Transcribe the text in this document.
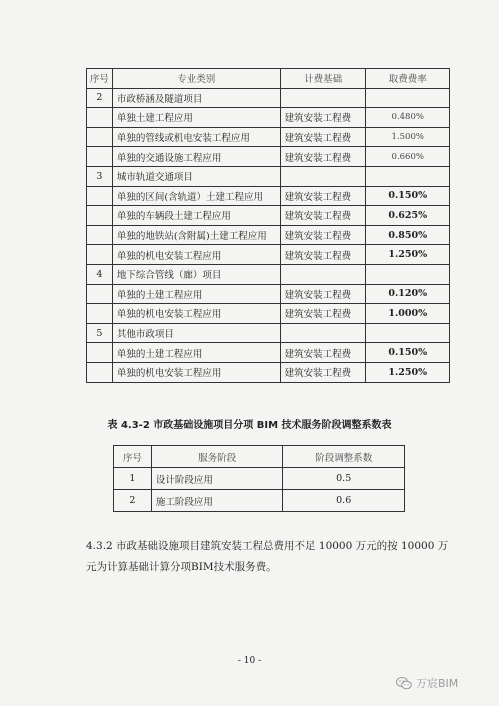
序号	专业类别	计费基础	取费费率
2	市政桥涵及隧道项目		
	单独土建工程应用	建筑安装工程费	0.480%
	单独的管线或机电安装工程应用	建筑安装工程费	1.500%
	单独的交通设施工程应用	建筑安装工程费	0.660%
3	城市轨道交通项目		
	单独的区间(含轨道）土建工程应用	建筑安装工程费	0.150%
	单独的车辆段土建工程应用	建筑安装工程费	0.625%
	单独的地铁站(含附属)土建工程应用	建筑安装工程费	0.850%
	单独的机电安装工程应用	建筑安装工程费	1.250%
4	地下综合管线（廊）项目		
	单独的土建工程应用	建筑安装工程费	0.120%
	单独的机电安装工程应用	建筑安装工程费	1.000%
5	其他市政项目		
	单独的土建工程应用	建筑安装工程费	0.150%
	单独的机电安装工程应用	建筑安装工程费	1.250%
表 4.3-2 市政基础设施项目分项 BIM 技术服务阶段调整系数表
序号	服务阶段	阶段调整系数
1	设计阶段应用	0.5
2	施工阶段应用	0.6
4.3.2 市政基础设施项目建筑安装工程总费用不足 10000 万元的按 10000 万元为计算基础计算分项BIM技术服务费。
- 10 -
万宸BIM
